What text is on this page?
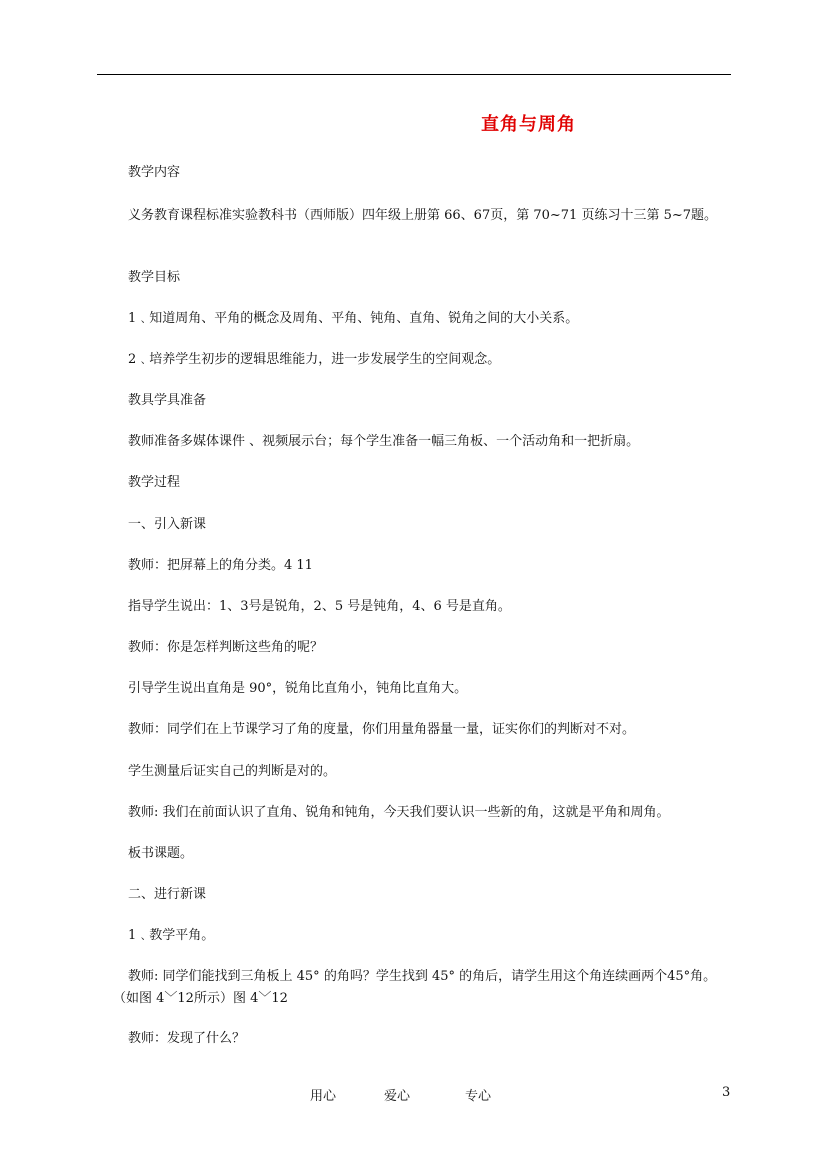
直角与周角
教学内容
义务教育课程标准实验教科书（西师版）四年级上册第 66、67页，第 70~71 页练习十三第 5~7题。
教学目标
1﹑知道周角、平角的概念及周角、平角、钝角、直角、锐角之间的大小关系。
2﹑培养学生初步的逻辑思维能力，进一步发展学生的空间观念。
教具学具准备
教师准备多媒体课件 、视频展示台；每个学生准备一幅三角板、一个活动角和一把折扇。
教学过程
一、引入新课
教师：把屏幕上的角分类。4 11
指导学生说出：1、3号是锐角，2、5 号是钝角，4、6 号是直角。
教师：你是怎样判断这些角的呢？
引导学生说出直角是 90°，锐角比直角小，钝角比直角大。
教师：同学们在上节课学习了角的度量，你们用量角器量一量，证实你们的判断对不对。
学生测量后证实自己的判断是对的。
教师: 我们在前面认识了直角、锐角和钝角，今天我们要认识一些新的角，这就是平角和周角。
板书课题。
二、进行新课
1﹑教学平角。
教师: 同学们能找到三角板上 45° 的角吗？学生找到 45° 的角后，请学生用这个角连续画两个45°角。（如图 4﹀12所示）图 4﹀12
教师：发现了什么？
用心	爱心	专心	3
